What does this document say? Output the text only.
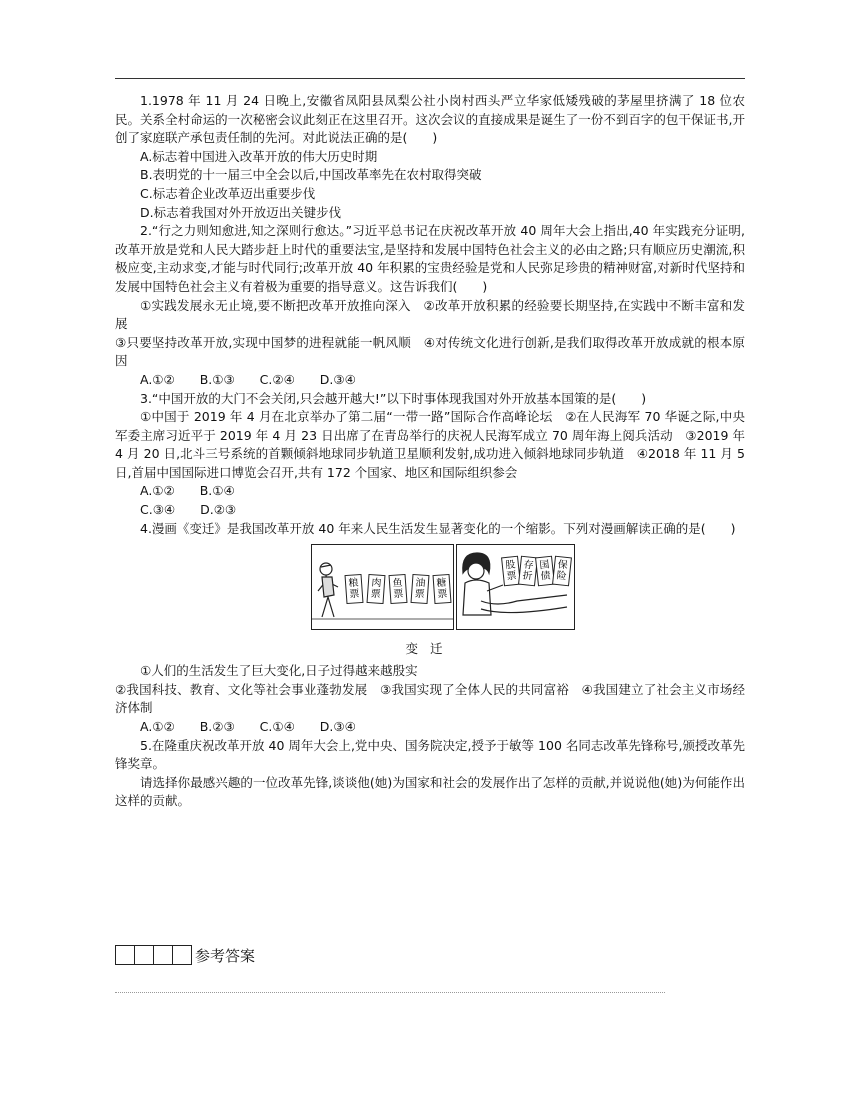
1.1978 年 11 月 24 日晚上,安徽省凤阳县凤梨公社小岗村西头严立华家低矮残破的茅屋里挤满了 18 位农民。关系全村命运的一次秘密会议此刻正在这里召开。这次会议的直接成果是诞生了一份不到百字的包干保证书,开创了家庭联产承包责任制的先河。对此说法正确的是(　　)

A.标志着中国进入改革开放的伟大历史时期

B.表明党的十一届三中全会以后,中国改革率先在农村取得突破

C.标志着企业改革迈出重要步伐

D.标志着我国对外开放迈出关键步伐

2.“行之力则知愈进,知之深则行愈达。”习近平总书记在庆祝改革开放 40 周年大会上指出,40 年实践充分证明,改革开放是党和人民大踏步赶上时代的重要法宝,是坚持和发展中国特色社会主义的必由之路;只有顺应历史潮流,积极应变,主动求变,才能与时代同行;改革开放 40 年积累的宝贵经验是党和人民弥足珍贵的精神财富,对新时代坚持和发展中国特色社会主义有着极为重要的指导意义。这告诉我们(　　)

①实践发展永无止境,要不断把改革开放推向深入　②改革开放积累的经验要长期坚持,在实践中不断丰富和发展

③只要坚持改革开放,实现中国梦的进程就能一帆风顺　④对传统文化进行创新,是我们取得改革开放成就的根本原因

A.①②　　B.①③　　C.②④　　D.③④

3.“中国开放的大门不会关闭,只会越开越大!”以下时事体现我国对外开放基本国策的是(　　)

①中国于 2019 年 4 月在北京举办了第二届“一带一路”国际合作高峰论坛　②在人民海军 70 华诞之际,中央军委主席习近平于 2019 年 4 月 23 日出席了在青岛举行的庆祝人民海军成立 70 周年海上阅兵活动　③2019 年 4 月 20 日,北斗三号系统的首颗倾斜地球同步轨道卫星顺利发射,成功进入倾斜地球同步轨道　④2018 年 11 月 5 日,首届中国国际进口博览会召开,共有 172 个国家、地区和国际组织参会

A.①②　　B.①④

C.③④　　D.②③

4.漫画《变迁》是我国改革开放 40 年来人民生活发生显著变化的一个缩影。下列对漫画解读正确的是(　　)

粮
票
肉
票
鱼
票
油
票
糖
票
股
票
存
折
国
债
保
险
变迁

①人们的生活发生了巨大变化,日子过得越来越殷实

②我国科技、教育、文化等社会事业蓬勃发展　③我国实现了全体人民的共同富裕　④我国建立了社会主义市场经济体制

A.①②　　B.②③　　C.①④　　D.③④

5.在隆重庆祝改革开放 40 周年大会上,党中央、国务院决定,授予于敏等 100 名同志改革先锋称号,颁授改革先锋奖章。

请选择你最感兴趣的一位改革先锋,谈谈他(她)为国家和社会的发展作出了怎样的贡献,并说说他(她)为何能作出这样的贡献。

参考答案
